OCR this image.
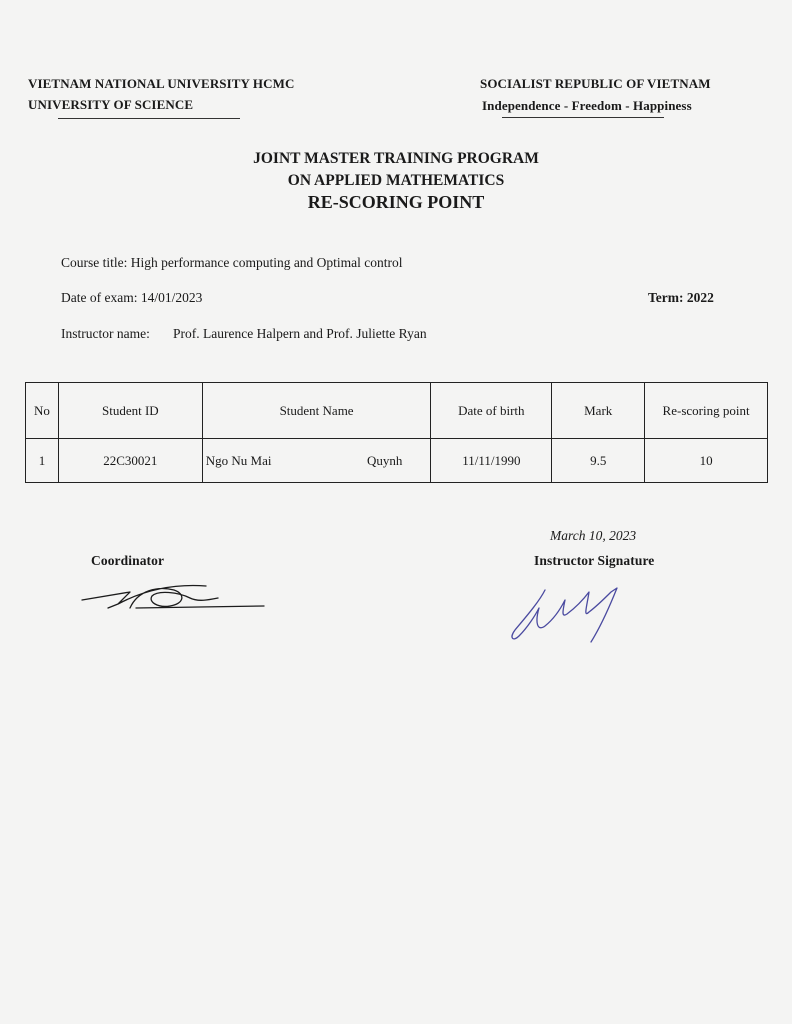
VIETNAM NATIONAL UNIVERSITY HCMC
UNIVERSITY OF SCIENCE
SOCIALIST REPUBLIC OF VIETNAM
Independence - Freedom - Happiness
JOINT MASTER TRAINING PROGRAM
ON APPLIED MATHEMATICS
RE-SCORING POINT
Course title: High performance computing and Optimal control
Date of exam: 14/01/2023	Term: 2022
Instructor name: Prof. Laurence Halpern and Prof. Juliette Ryan
No	Student ID	Student Name	Date of birth	Mark	Re-scoring point
1	22C30021	Ngo Nu Mai Quynh	11/11/1990	9.5	10
March 10, 2023
Coordinator	Instructor Signature
